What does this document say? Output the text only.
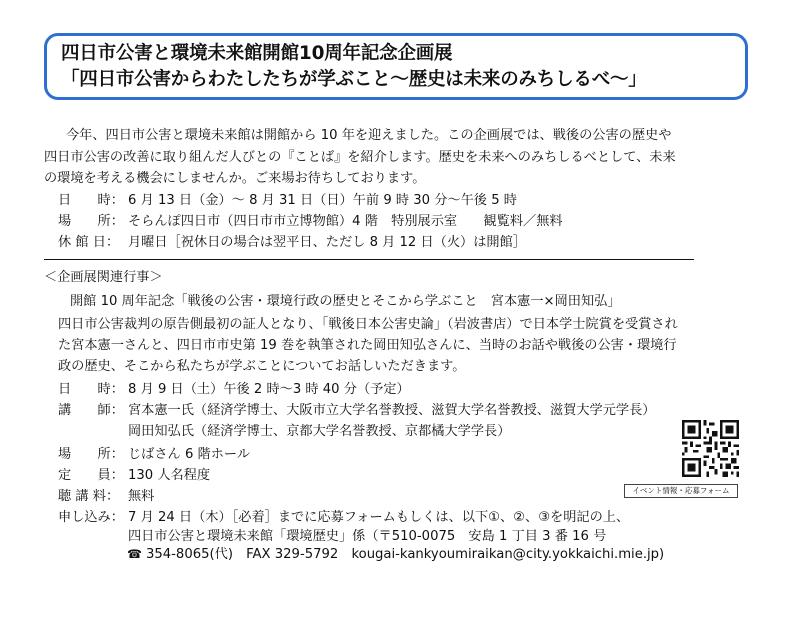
四日市公害と環境未来館開館10周年記念企画展
「四日市公害からわたしたちが学ぶこと〜歴史は未来のみちしるべ〜」
今年、四日市公害と環境未来館は開館から 10 年を迎えました。この企画展では、戦後の公害の歴史や
四日市公害の改善に取り組んだ人びとの『ことば』を紹介します。歴史を未来へのみちしるべとして、未来
の環境を考える機会にしませんか。ご来場お待ちしております。
日　　時： 6 月 13 日（金）〜 8 月 31 日（日）午前 9 時 30 分〜午後 5 時
場　　所： そらんぽ四日市（四日市市立博物館）4 階　特別展示室　　観覧料／無料
休 館 日： 月曜日［祝休日の場合は翌平日、ただし 8 月 12 日（火）は開館］
＜企画展関連行事＞
開館 10 周年記念「戦後の公害・環境行政の歴史とそこから学ぶこと　宮本憲一×岡田知弘」
四日市公害裁判の原告側最初の証人となり、「戦後日本公害史論」（岩波書店）で日本学士院賞を受賞され
た宮本憲一さんと、四日市市史第 19 巻を執筆された岡田知弘さんに、当時のお話や戦後の公害・環境行
政の歴史、そこから私たちが学ぶことについてお話しいただきます。
日　　時： 8 月 9 日（土）午後 2 時〜3 時 40 分（予定）
講　　師： 宮本憲一氏（経済学博士、大阪市立大学名誉教授、滋賀大学名誉教授、滋賀大学元学長）
岡田知弘氏（経済学博士、京都大学名誉教授、京都橘大学学長）
場　　所： じばさん 6 階ホール
定　　員： 130 人名程度
聴 講 料： 無料
申し込み： 7 月 24 日（木）［必着］までに応募フォームもしくは、以下①、②、③を明記の上、
四日市公害と環境未来館「環境歴史」係（〒510-0075　安島 1 丁目 3 番 16 号
☎ 354-8065(代)　FAX 329-5792　kougai-kankyoumiraikan@city.yokkaichi.mie.jp)
イベント情報・応募フォーム
